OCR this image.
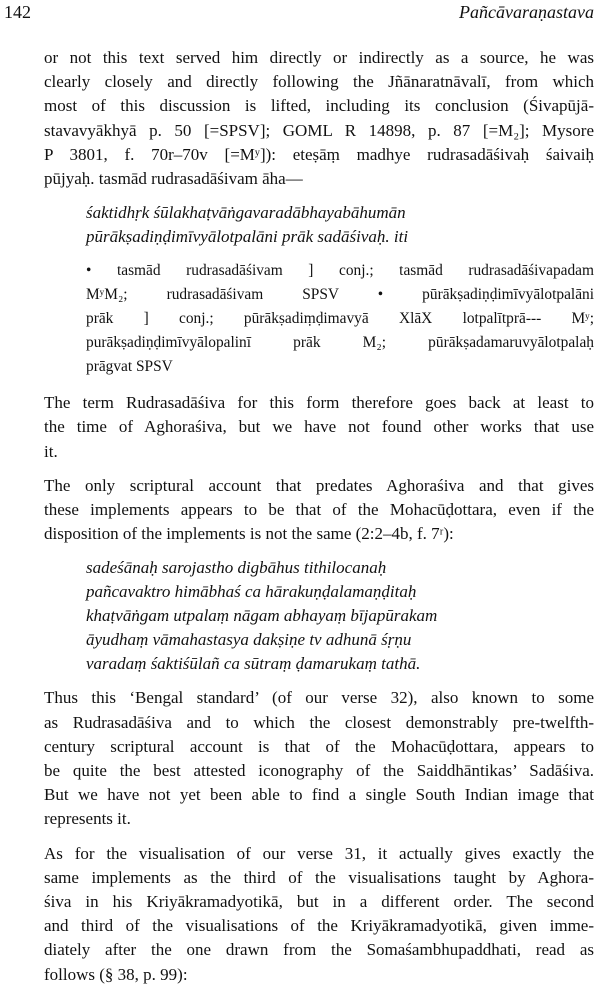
142	Pañcāvaraṇastava

or not this text served him directly or indirectly as a source, he was
clearly closely and directly following the Jñānaratnāvalī, from which
most of this discussion is lifted, including its conclusion (Śivapūjā-
stavavyākhyā p. 50 [=SPSV]; GOML R 14898, p. 87 [=M₂]; Mysore
P 3801, f. 70r–70v [=Mʸ]): eteṣāṃ madhye rudrasadāśivaḥ śaivaiḥ
pūjyaḥ. tasmād rudrasadāśivam āha—

śaktidhṛk śūlakhaṭvāṅgavaradābhayabāhumān
pūrākṣadiṇḍimīvyālotpalāni prāk sadāśivaḥ. iti
• tasmād rudrasadāśivam ] conj.; tasmād rudrasadāśivapadam
MʸM₂; rudrasadāśivam SPSV • pūrākṣadiṇḍimīvyālotpalāni
prāk ] conj.; pūrākṣadiṃḍimavyā XlāX lotpalītprā--- Mʸ;
purākṣadiṇḍimīvyālopalinī prāk M₂; pūrākṣadamaruvyālotpalaḥ
prāgvat SPSV

The term Rudrasadāśiva for this form therefore goes back at least to
the time of Aghoraśiva, but we have not found other works that use
it.

The only scriptural account that predates Aghoraśiva and that gives
these implements appears to be that of the Mohacūḍottara, even if the
disposition of the implements is not the same (2:2–4b, f. 7ʳ):

sadeśānaḥ sarojastho digbāhus tithilocanaḥ
pañcavaktro himābhaś ca hārakuṇḍalamaṇḍitaḥ
khaṭvāṅgam utpalaṃ nāgam abhayaṃ bījapūrakam
āyudhaṃ vāmahastasya dakṣiṇe tv adhunā śṛṇu
varadaṃ śaktiśūlañ ca sūtraṃ ḍamarukaṃ tathā.

Thus this ‘Bengal standard’ (of our verse 32), also known to some
as Rudrasadāśiva and to which the closest demonstrably pre-twelfth-
century scriptural account is that of the Mohacūḍottara, appears to
be quite the best attested iconography of the Saiddhāntikas’ Sadāśiva.
But we have not yet been able to find a single South Indian image that
represents it.

As for the visualisation of our verse 31, it actually gives exactly the
same implements as the third of the visualisations taught by Aghora-
śiva in his Kriyākramadyotikā, but in a different order. The second
and third of the visualisations of the Kriyākramadyotikā, given imme-
diately after the one drawn from the Somaśambhupaddhati, read as
follows (§ 38, p. 99):
